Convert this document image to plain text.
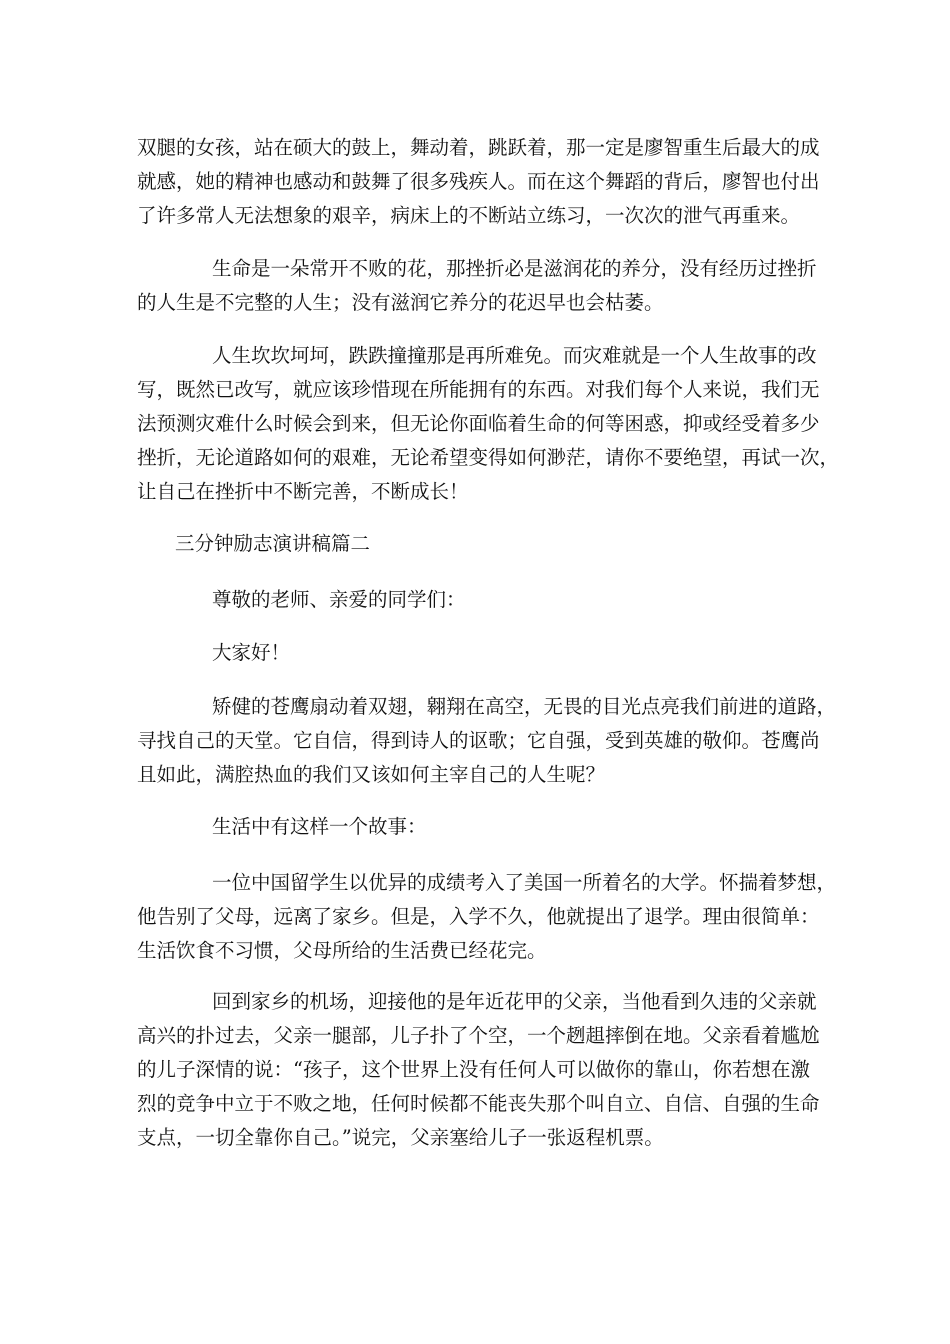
双腿的女孩，站在硕大的鼓上，舞动着，跳跃着，那一定是廖智重生后最大的成
就感，她的精神也感动和鼓舞了很多残疾人。而在这个舞蹈的背后，廖智也付出
了许多常人无法想象的艰辛，病床上的不断站立练习，一次次的泄气再重来。
生命是一朵常开不败的花，那挫折必是滋润花的养分，没有经历过挫折
的人生是不完整的人生；没有滋润它养分的花迟早也会枯萎。
人生坎坎坷坷，跌跌撞撞那是再所难免。而灾难就是一个人生故事的改
写，既然已改写，就应该珍惜现在所能拥有的东西。对我们每个人来说，我们无
法预测灾难什么时候会到来，但无论你面临着生命的何等困惑，抑或经受着多少
挫折，无论道路如何的艰难，无论希望变得如何渺茫，请你不要绝望，再试一次，
让自己在挫折中不断完善，不断成长！
三分钟励志演讲稿篇二
尊敬的老师、亲爱的同学们：
大家好！
矫健的苍鹰扇动着双翅，翱翔在高空，无畏的目光点亮我们前进的道路，
寻找自己的天堂。它自信，得到诗人的讴歌；它自强，受到英雄的敬仰。苍鹰尚
且如此，满腔热血的我们又该如何主宰自己的人生呢？
生活中有这样一个故事：
一位中国留学生以优异的成绩考入了美国一所着名的大学。怀揣着梦想，
他告别了父母，远离了家乡。但是，入学不久，他就提出了退学。理由很简单：
生活饮食不习惯，父母所给的生活费已经花完。
回到家乡的机场，迎接他的是年近花甲的父亲，当他看到久违的父亲就
高兴的扑过去，父亲一腿部，儿子扑了个空，一个趔趄摔倒在地。父亲看着尴尬
的儿子深情的说：“孩子，这个世界上没有任何人可以做你的靠山，你若想在激
烈的竞争中立于不败之地，任何时候都不能丧失那个叫自立、自信、自强的生命
支点，一切全靠你自己。”说完，父亲塞给儿子一张返程机票。
